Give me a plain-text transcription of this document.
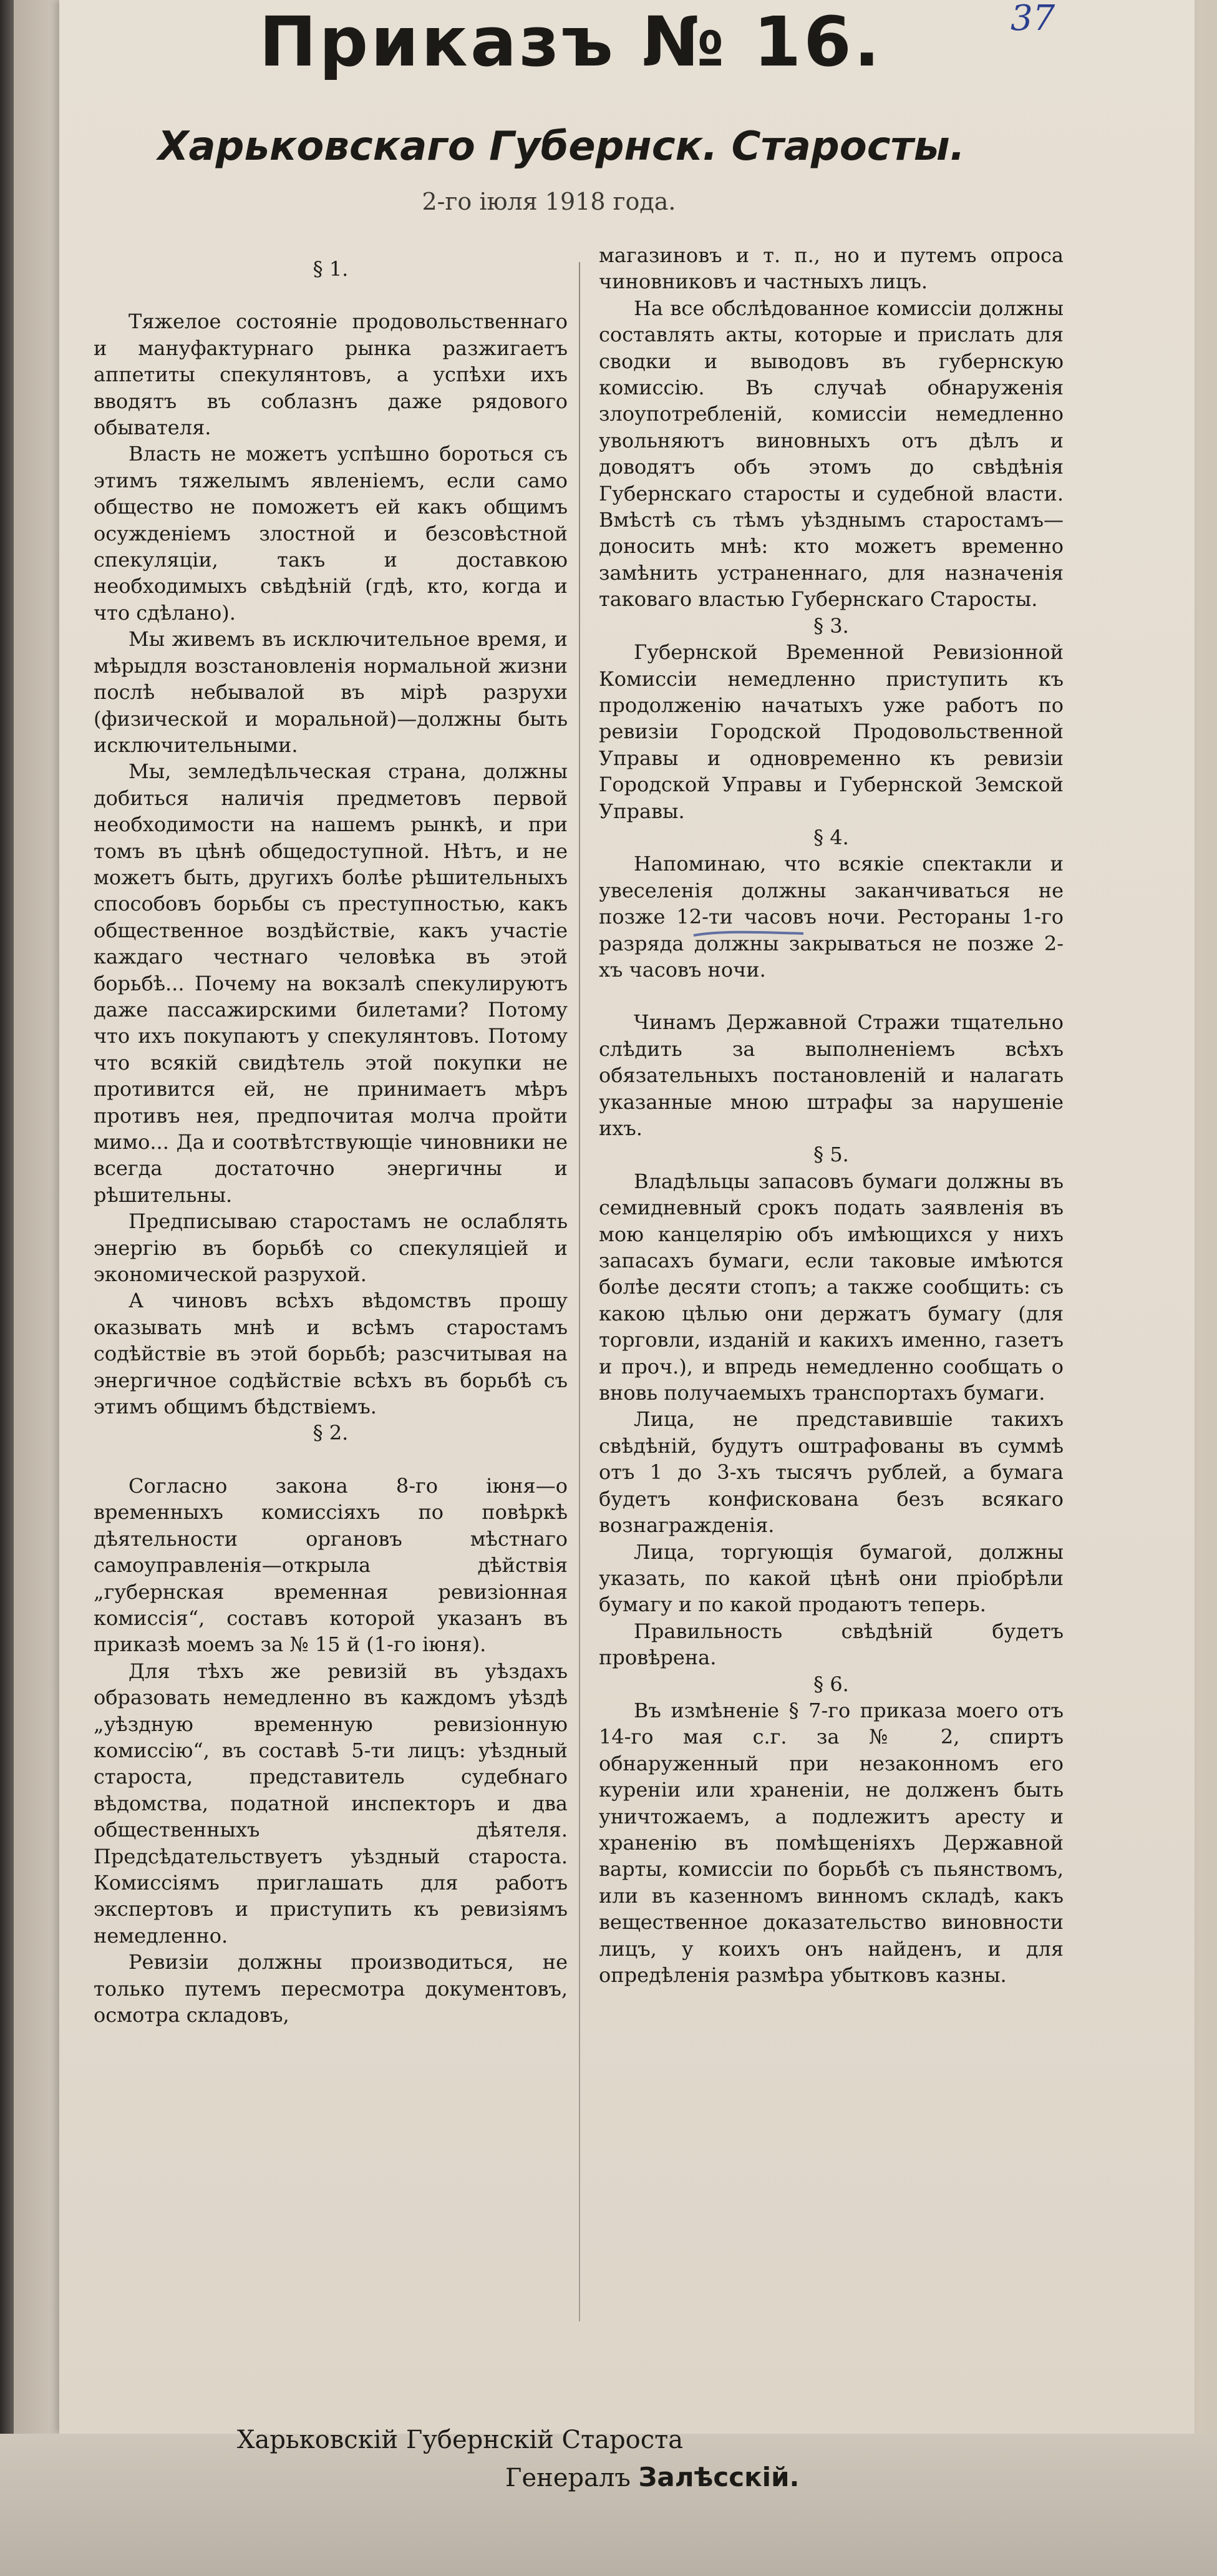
37
Приказъ № 16.
Харьковскаго Губернск. Старосты.
2-го iюля 1918 года.

§ 1.

Тяжелое состоянiе продовольственнаго и мануфактурнаго рынка разжигаетъ аппетиты спекулянтовъ, а успѣхи ихъ вводятъ въ соблазнъ даже рядового обывателя.

Власть не можетъ успѣшно бороться съ этимъ тяжелымъ явленiемъ, если само общество не поможетъ ей какъ общимъ осужденiемъ злостной и безсовѣстной спекуляцiи, такъ и доставкою необходимыхъ свѣдѣнiй (гдѣ, кто, когда и что сдѣлано).

Мы живемъ въ исключительное время, и мѣрыдля возстановленiя нормальной жизни послѣ небывалой въ мiрѣ разрухи (физической и моральной)—должны быть исключительными.

Мы, земледѣльческая страна, должны добиться наличiя предметовъ первой необходимости на нашемъ рынкѣ, и при томъ въ цѣнѣ общедоступной. Нѣтъ, и не можетъ быть, другихъ болѣе рѣшительныхъ способовъ борьбы съ преступностью, какъ общественное воздѣйствiе, какъ участiе каждаго честнаго человѣка въ этой борьбѣ... Почему на вокзалѣ спекулируютъ даже пассажирскими билетами? Потому что ихъ покупаютъ у спекулянтовъ. Потому что всякiй свидѣтель этой покупки не противится ей, не принимаетъ мѣръ противъ нея, предпочитая молча пройти мимо... Да и соотвѣтствующiе чиновники не всегда достаточно энергичны и рѣшительны.

Предписываю старостамъ не ослаблять энергiю въ борьбѣ со спекуляцiей и экономической разрухой.

А чиновъ всѣхъ вѣдомствъ прошу оказывать мнѣ и всѣмъ старостамъ содѣйствiе въ этой борьбѣ; разсчитывая на энергичное содѣйствiе всѣхъ въ борьбѣ съ этимъ общимъ бѣдствiемъ.

§ 2.

Согласно закона 8-го iюня—о временныхъ комиссiяхъ по повѣркѣ дѣятельности органовъ мѣстнаго самоуправленiя—открыла дѣйствiя „губернская временная ревизiонная комиссiя“, составъ которой указанъ въ приказѣ моемъ за № 15 й (1-го iюня).

Для тѣхъ же ревизiй въ уѣздахъ образовать немедленно въ каждомъ уѣздѣ „уѣздную временную ревизiонную комиссiю“, въ составѣ 5-ти лицъ: уѣздный староста, представитель судебнаго вѣдомства, податной инспекторъ и два общественныхъ дѣятеля. Предсѣдательствуетъ уѣздный староста. Комиссiямъ приглашать для работъ экспертовъ и приступить къ ревизiямъ немедленно.

Ревизiи должны производиться, не только путемъ пересмотра документовъ, осмотра складовъ,

магазиновъ и т. п., но и путемъ опроса чиновниковъ и частныхъ лицъ.

На все обслѣдованное комиссiи должны составлять акты, которые и прислать для сводки и выводовъ въ губернскую комиссiю. Въ случаѣ обнаруженiя злоупотребленiй, комиссiи немедленно увольняютъ виновныхъ отъ дѣлъ и доводятъ объ этомъ до свѣдѣнiя Губернскаго старосты и судебной власти. Вмѣстѣ съ тѣмъ уѣзднымъ старостамъ—доносить мнѣ: кто можетъ временно замѣнить устраненнаго, для назначенiя таковаго властью Губернскаго Старосты.

§ 3.

Губернской Временной Ревизiонной Комиссiи немедленно приступить къ продолженiю начатыхъ уже работъ по ревизiи Городской Продовольственной Управы и одновременно къ ревизiи Городской Управы и Губернской Земской Управы.

§ 4.

Напоминаю, что всякiе спектакли и увеселенiя должны заканчиваться не позже 12-ти часовъ ночи. Рестораны 1-го разряда должны закрываться не позже 2-хъ часовъ ночи.

Чинамъ Державной Стражи тщательно слѣдить за выполненiемъ всѣхъ обязательныхъ постановленiй и налагать указанные мною штрафы за нарушенiе ихъ.

§ 5.

Владѣльцы запасовъ бумаги должны въ семидневный срокъ подать заявленiя въ мою канцелярiю объ имѣющихся у нихъ запасахъ бумаги, если таковые имѣются болѣе десяти стопъ; а также сообщить: съ какою цѣлью они держатъ бумагу (для торговли, изданiй и какихъ именно, газетъ и проч.), и впредь немедленно сообщать о вновь получаемыхъ транспортахъ бумаги.

Лица, не представившiе такихъ свѣдѣнiй, будутъ оштрафованы въ суммѣ отъ 1 до 3-хъ тысячъ рублей, а бумага будетъ конфискована безъ всякаго вознагражденiя.

Лица, торгующiя бумагой, должны указать, по какой цѣнѣ они прiобрѣли бумагу и по какой продаютъ теперь.

Правильность свѣдѣнiй будетъ провѣрена.

§ 6.

Въ измѣненiе § 7-го приказа моего отъ 14-го мая с.г. за № 2, спиртъ обнаруженный при незаконномъ его куренiи или храненiи, не долженъ быть уничтожаемъ, а подлежитъ аресту и храненiю въ помѣщенiяхъ Державной варты, комиссiи по борьбѣ съ пьянствомъ, или въ казенномъ винномъ складѣ, какъ вещественное доказательство виновности лицъ, у коихъ онъ найденъ, и для опредѣленiя размѣра убытковъ казны.

Харьковскiй Губернскiй Староста
Генералъ Залѣсскiй.
